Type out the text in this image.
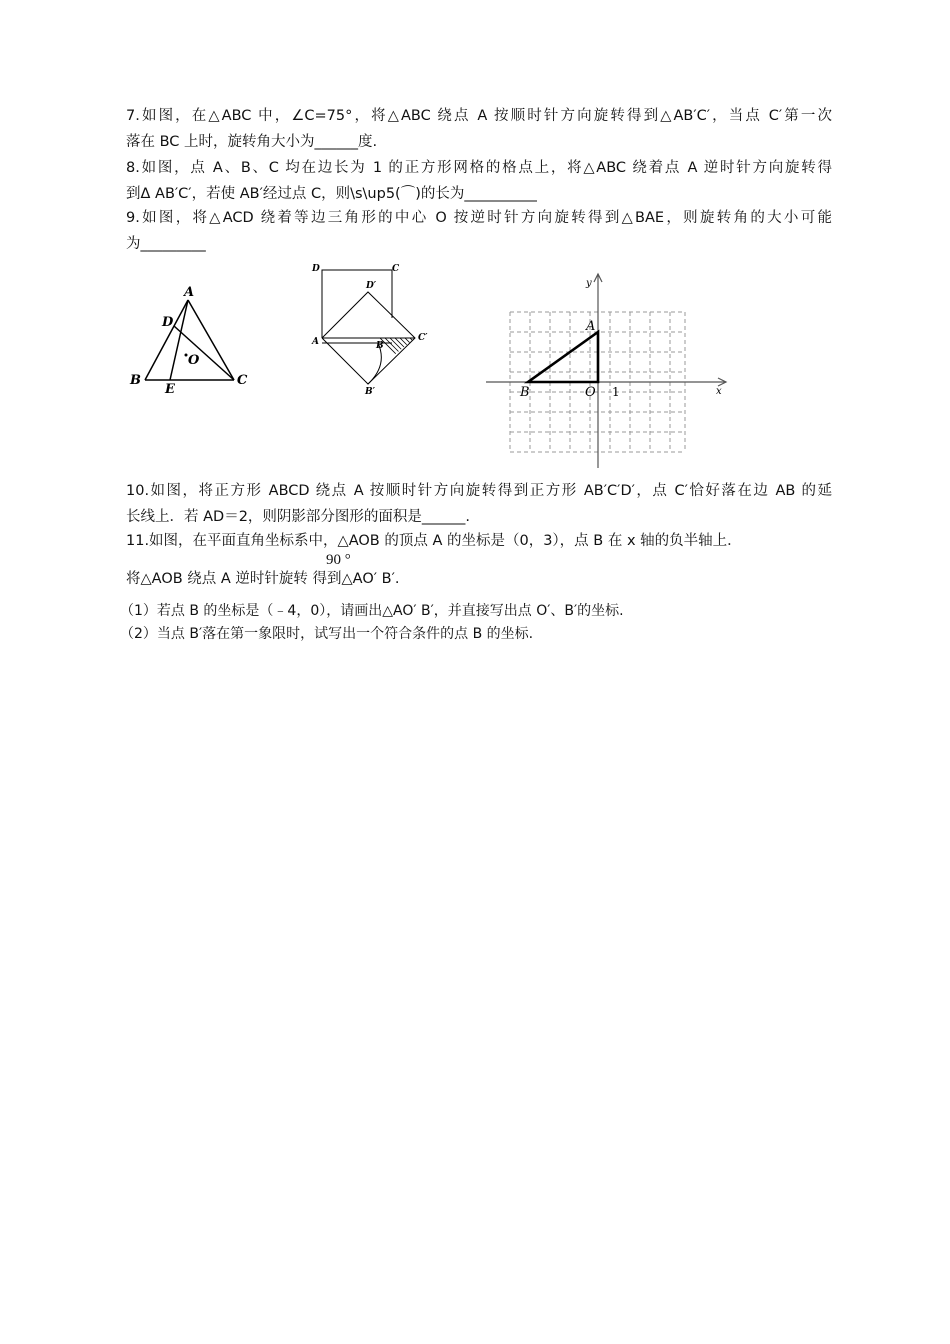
7.如图，在△ABC 中，∠C=75°，将△ABC 绕点 A 按顺时针方向旋转得到△AB′C′，当点 C′第一次
落在 BC 上时，旋转角大小为______度.
8.如图，点 A、B、C 均在边长为 1 的正方形网格的格点上，将△ABC 绕着点 A 逆时针方向旋转得
到Δ AB′C′，若使 AB′经过点 C，则\s\up5(⌒)的长为__________
9.如图，将△ACD 绕着等边三角形的中心 O 按逆时针方向旋转得到△BAE，则旋转角的大小可能
为_________
A
B	C
D
E
O
D	C
D′
C′
A	B
B′
y
x
A
B	O 1
10.如图，将正方形 ABCD 绕点 A 按顺时针方向旋转得到正方形 AB′C′D′，点 C′恰好落在边 AB 的延
长线上．若 AD＝2，则阴影部分图形的面积是______.
11.如图，在平面直角坐标系中，△AOB 的顶点 A 的坐标是（0，3），点 B 在 x 轴的负半轴上．
90 °
将△AOB 绕点 A 逆时针旋转 得到△AO′ B′.
（1）若点 B 的坐标是（﹣4，0），请画出△AO′ B′，并直接写出点 O′、B′的坐标.
（2）当点 B′落在第一象限时，试写出一个符合条件的点 B 的坐标.
